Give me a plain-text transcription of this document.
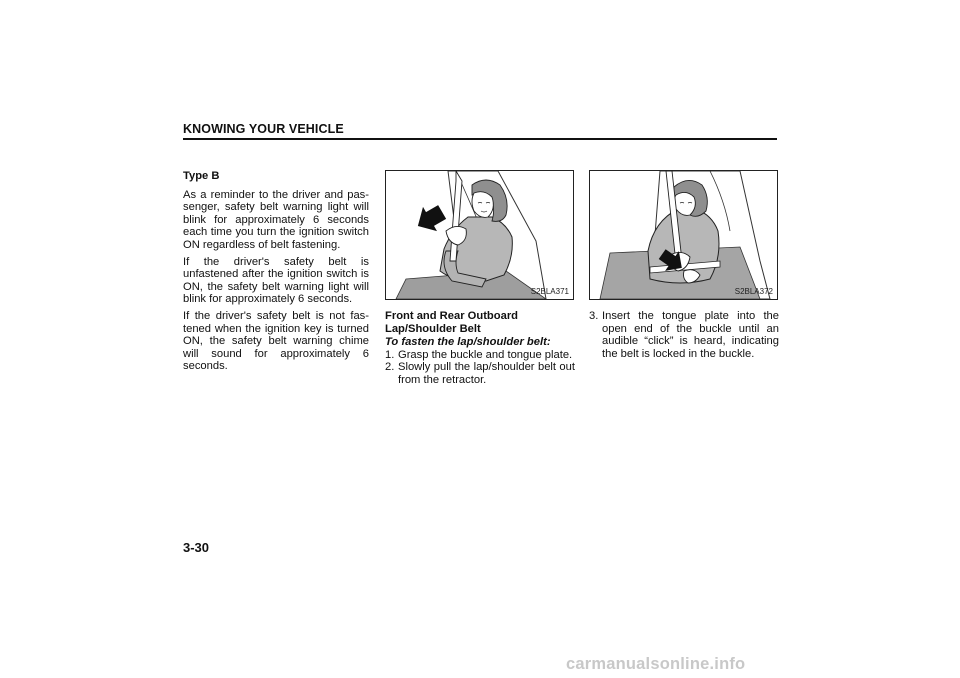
KNOWING YOUR VEHICLE
Type B

As a reminder to the driver and pas-senger, safety belt warning light will blink for approximately 6 seconds each time you turn the ignition switch ON regardless of belt fastening.

If the driver's safety belt is unfastened after the ignition switch is ON, the safety belt warning light will blink for approximately 6 seconds.

If the driver's safety belt is not fas-tened when the ignition key is turned ON, the safety belt warning chime will sound for approximately 6 seconds.

S2BLA371	S2BLA372
Front and Rear Outboard Lap/Shoulder Belt
To fasten the lap/shoulder belt:
1. Grasp the buckle and tongue plate.
2. Slowly pull the lap/shoulder belt out from the retractor.
3. Insert the tongue plate into the open end of the buckle until an audible “click” is heard, indicating the belt is locked in the buckle.
3-30
carmanualsonline.info
